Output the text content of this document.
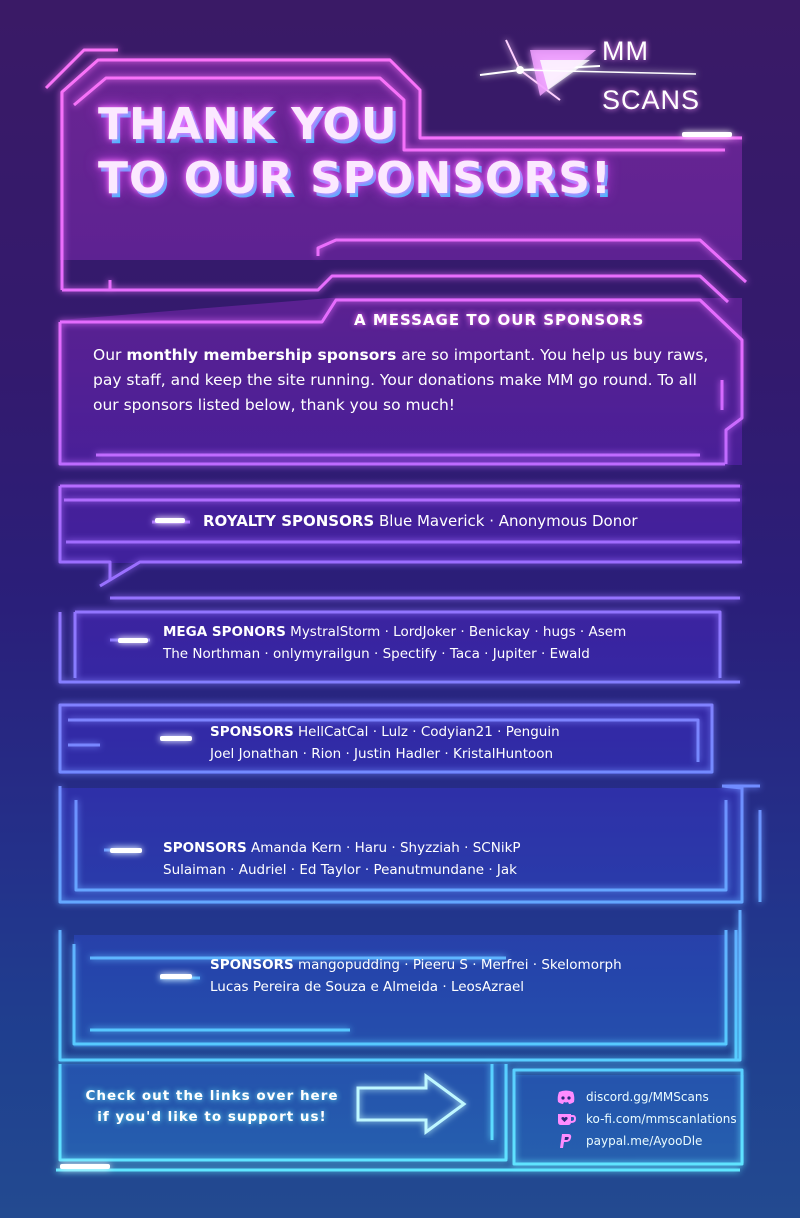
THANK YOU
TO OUR SPONSORS!
MM
SCANS
A MESSAGE TO OUR SPONSORS
Our monthly membership sponsors are so important. You help us buy raws, pay staff, and keep the site running. Your donations make MM go round. To all our sponsors listed below, thank you so much!
ROYALTY SPONSORS Blue Maverick · Anonymous Donor
MEGA SPONORS MystralStorm · LordJoker · Benickay · hugs · Asem
The Northman · onlymyrailgun · Spectify · Taca · Jupiter · Ewald
SPONSORS HellCatCal · Lulz · Codyian21 · Penguin
Joel Jonathan · Rion · Justin Hadler · KristalHuntoon
SPONSORS Amanda Kern · Haru · Shyzziah · SCNikP
Sulaiman · Audriel · Ed Taylor · Peanutmundane · Jak
SPONSORS mangopudding · Pieeru S · Merfrei · Skelomorph
Lucas Pereira de Souza e Almeida · LeosAzrael
Check out the links over here
if you'd like to support us!
discord.gg/MMScans
ko-fi.com/mmscanlations
paypal.me/AyooDle
